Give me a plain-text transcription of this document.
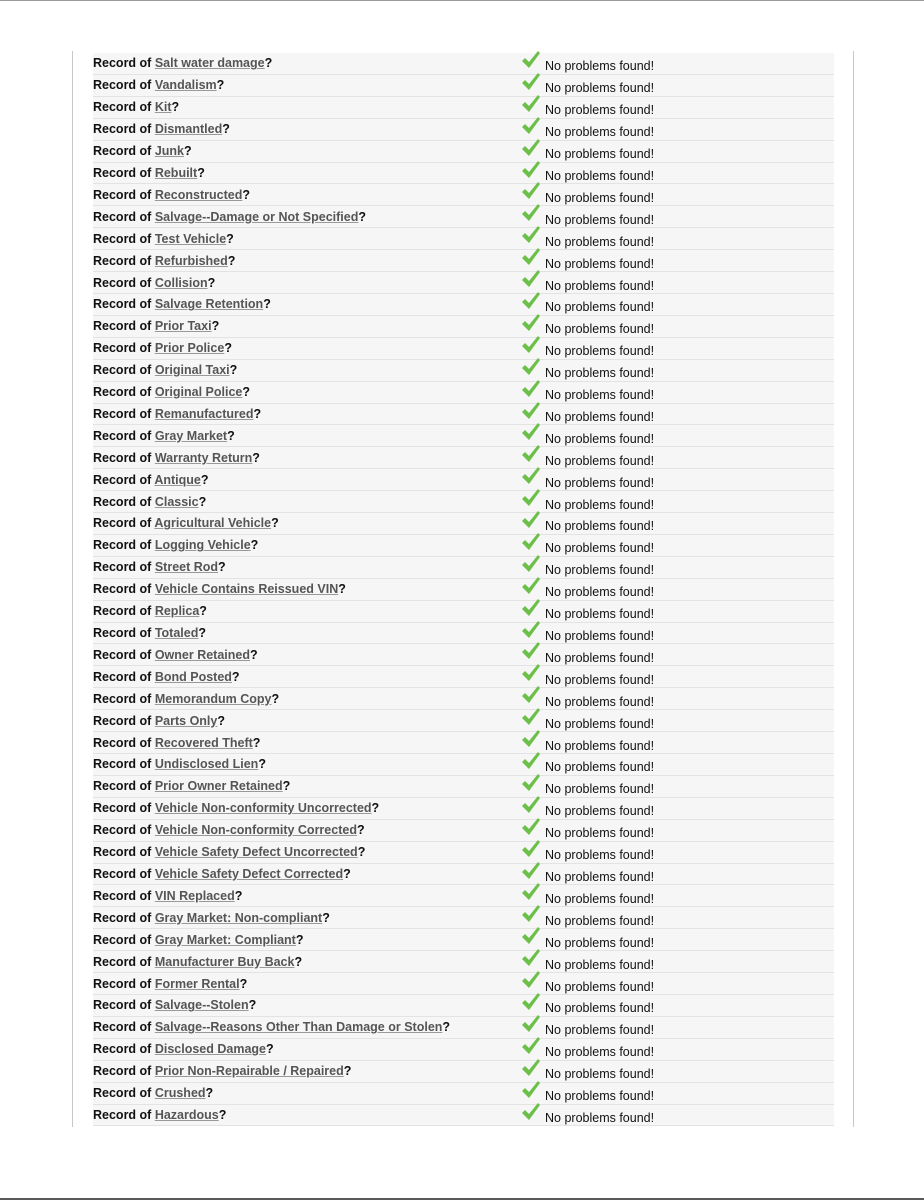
Record of Salt water damage?	No problems found!
Record of Vandalism?	No problems found!
Record of Kit?	No problems found!
Record of Dismantled?	No problems found!
Record of Junk?	No problems found!
Record of Rebuilt?	No problems found!
Record of Reconstructed?	No problems found!
Record of Salvage--Damage or Not Specified?	No problems found!
Record of Test Vehicle?	No problems found!
Record of Refurbished?	No problems found!
Record of Collision?	No problems found!
Record of Salvage Retention?	No problems found!
Record of Prior Taxi?	No problems found!
Record of Prior Police?	No problems found!
Record of Original Taxi?	No problems found!
Record of Original Police?	No problems found!
Record of Remanufactured?	No problems found!
Record of Gray Market?	No problems found!
Record of Warranty Return?	No problems found!
Record of Antique?	No problems found!
Record of Classic?	No problems found!
Record of Agricultural Vehicle?	No problems found!
Record of Logging Vehicle?	No problems found!
Record of Street Rod?	No problems found!
Record of Vehicle Contains Reissued VIN?	No problems found!
Record of Replica?	No problems found!
Record of Totaled?	No problems found!
Record of Owner Retained?	No problems found!
Record of Bond Posted?	No problems found!
Record of Memorandum Copy?	No problems found!
Record of Parts Only?	No problems found!
Record of Recovered Theft?	No problems found!
Record of Undisclosed Lien?	No problems found!
Record of Prior Owner Retained?	No problems found!
Record of Vehicle Non-conformity Uncorrected?	No problems found!
Record of Vehicle Non-conformity Corrected?	No problems found!
Record of Vehicle Safety Defect Uncorrected?	No problems found!
Record of Vehicle Safety Defect Corrected?	No problems found!
Record of VIN Replaced?	No problems found!
Record of Gray Market: Non-compliant?	No problems found!
Record of Gray Market: Compliant?	No problems found!
Record of Manufacturer Buy Back?	No problems found!
Record of Former Rental?	No problems found!
Record of Salvage--Stolen?	No problems found!
Record of Salvage--Reasons Other Than Damage or Stolen?	No problems found!
Record of Disclosed Damage?	No problems found!
Record of Prior Non-Repairable / Repaired?	No problems found!
Record of Crushed?	No problems found!
Record of Hazardous?	No problems found!
